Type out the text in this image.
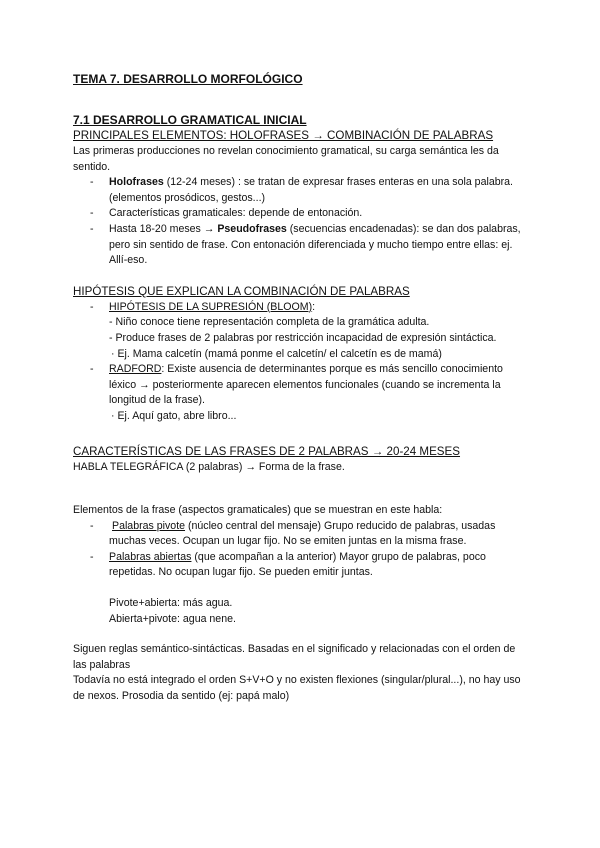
TEMA 7. DESARROLLO MORFOLÓGICO
7.1 DESARROLLO GRAMATICAL INICIAL
PRINCIPALES ELEMENTOS: HOLOFRASES → COMBINACIÓN DE PALABRAS

Las primeras producciones no revelan conocimiento gramatical, su carga semántica les da sentido.

- Holofrases (12-24 meses) : se tratan de expresar frases enteras en una sola palabra. (elementos prosódicos, gestos...)
- Características gramaticales: depende de entonación.
- Hasta 18-20 meses → Pseudofrases (secuencias encadenadas): se dan dos palabras, pero sin sentido de frase. Con entonación diferenciada y mucho tiempo entre ellas: ej. Allí-eso.
HIPÓTESIS QUE EXPLICAN LA COMBINACIÓN DE PALABRAS
- HIPÓTESIS DE LA SUPRESIÓN (BLOOM):
- Niño conoce tiene representación completa de la gramática adulta.
- Produce frases de 2 palabras por restricción incapacidad de expresión sintáctica.
· Ej. Mama calcetín (mamá ponme el calcetín/ el calcetín es de mamá)
- RADFORD: Existe ausencia de determinantes porque es más sencillo conocimiento léxico → posteriormente aparecen elementos funcionales (cuando se incrementa la longitud de la frase).
· Ej. Aquí gato, abre libro...
CARACTERÍSTICAS DE LAS FRASES DE 2 PALABRAS → 20-24 MESES

HABLA TELEGRÁFICA (2 palabras) → Forma de la frase.

Elementos de la frase (aspectos gramaticales) que se muestran en este habla:

- Palabras pivote (núcleo central del mensaje) Grupo reducido de palabras, usadas muchas veces. Ocupan un lugar fijo. No se emiten juntas en la misma frase.
- Palabras abiertas (que acompañan a la anterior) Mayor grupo de palabras, poco repetidas. No ocupan lugar fijo. Se pueden emitir juntas.
Pivote+abierta: más agua.
Abierta+pivote: agua nene.

Siguen reglas semántico-sintácticas. Basadas en el significado y relacionadas con el orden de las palabras

Todavía no está integrado el orden S+V+O y no existen flexiones (singular/plural...), no hay uso de nexos. Prosodia da sentido (ej: papá malo)
